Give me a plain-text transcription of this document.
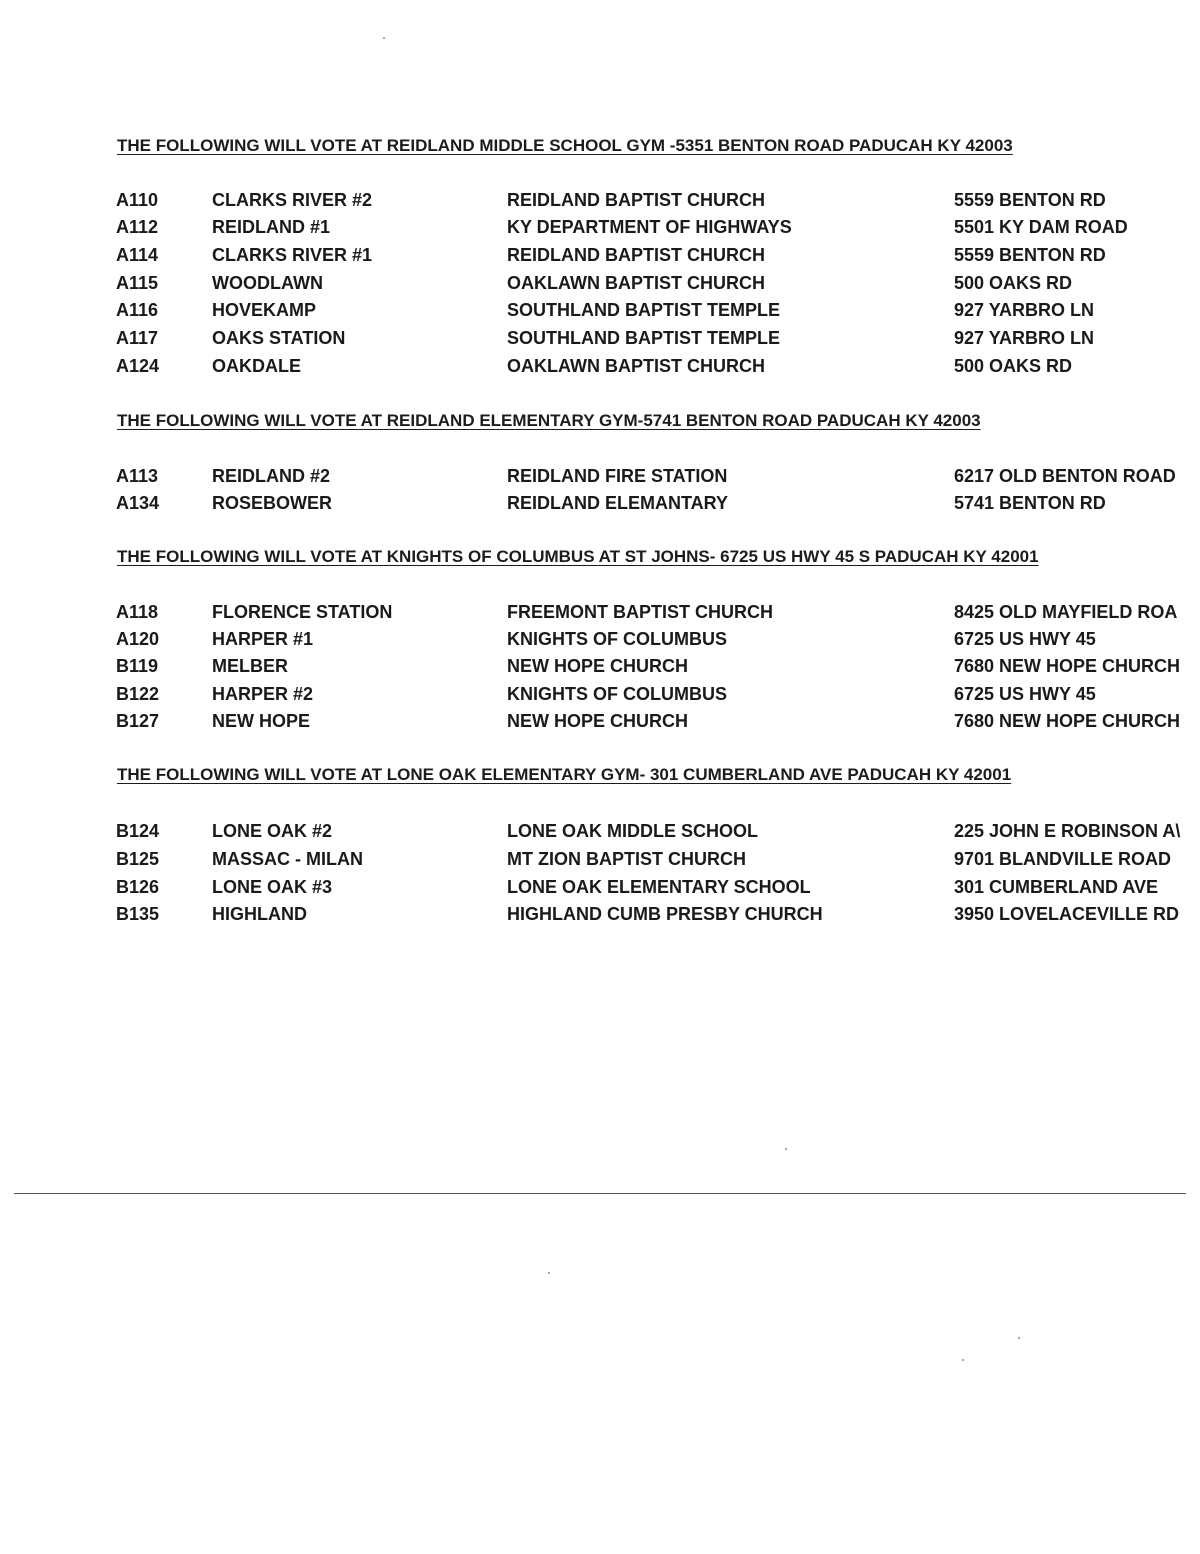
THE FOLLOWING WILL VOTE AT REIDLAND MIDDLE SCHOOL GYM -5351 BENTON ROAD PADUCAH KY 42003
A110	CLARKS RIVER #2	REIDLAND BAPTIST CHURCH	5559 BENTON RD
A112	REIDLAND #1	KY DEPARTMENT OF HIGHWAYS	5501 KY DAM ROAD
A114	CLARKS RIVER #1	REIDLAND BAPTIST CHURCH	5559 BENTON RD
A115	WOODLAWN	OAKLAWN BAPTIST CHURCH	500 OAKS RD
A116	HOVEKAMP	SOUTHLAND BAPTIST TEMPLE	927 YARBRO LN
A117	OAKS STATION	SOUTHLAND BAPTIST TEMPLE	927 YARBRO LN
A124	OAKDALE	OAKLAWN BAPTIST CHURCH	500 OAKS RD
THE FOLLOWING WILL VOTE AT REIDLAND ELEMENTARY GYM-5741 BENTON ROAD PADUCAH KY 42003
A113	REIDLAND #2	REIDLAND FIRE STATION	6217 OLD BENTON ROAD
A134	ROSEBOWER	REIDLAND ELEMANTARY	5741 BENTON RD
THE FOLLOWING WILL VOTE AT KNIGHTS OF COLUMBUS AT ST JOHNS- 6725 US HWY 45 S PADUCAH KY 42001
A118	FLORENCE STATION	FREEMONT BAPTIST CHURCH	8425 OLD MAYFIELD ROA
A120	HARPER #1	KNIGHTS OF COLUMBUS	6725 US HWY 45
B119	MELBER	NEW HOPE CHURCH	7680 NEW HOPE CHURCH
B122	HARPER #2	KNIGHTS OF COLUMBUS	6725 US HWY 45
B127	NEW HOPE	NEW HOPE CHURCH	7680 NEW HOPE CHURCH
THE FOLLOWING WILL VOTE AT LONE OAK ELEMENTARY GYM- 301 CUMBERLAND AVE PADUCAH KY 42001
B124	LONE OAK #2	LONE OAK MIDDLE SCHOOL	225 JOHN E ROBINSON A\
B125	MASSAC - MILAN	MT ZION BAPTIST CHURCH	9701 BLANDVILLE ROAD
B126	LONE OAK #3	LONE OAK ELEMENTARY SCHOOL	301 CUMBERLAND AVE
B135	HIGHLAND	HIGHLAND CUMB PRESBY CHURCH	3950 LOVELACEVILLE RD
